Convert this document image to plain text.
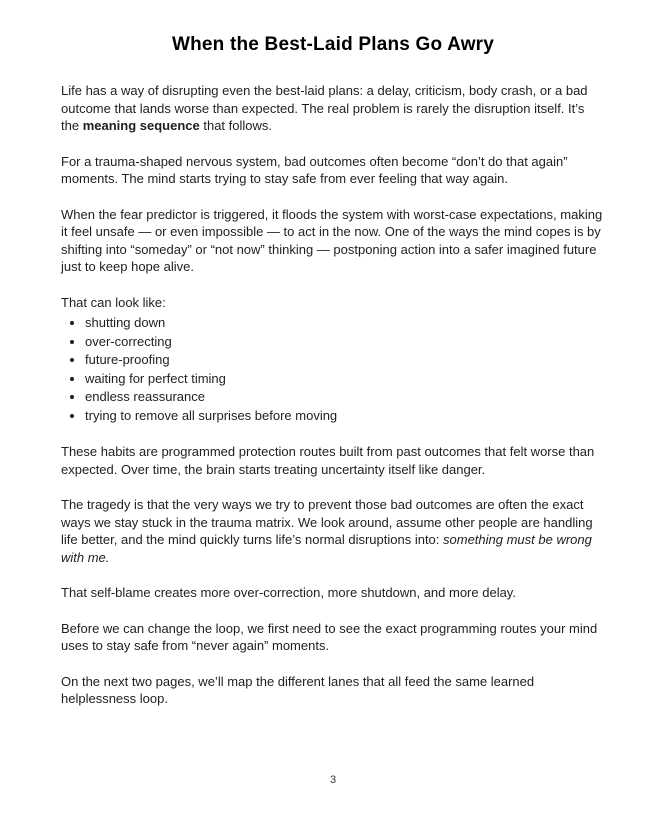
When the Best-Laid Plans Go Awry

Life has a way of disrupting even the best-laid plans: a delay, criticism, body crash, or a bad outcome that lands worse than expected. The real problem is rarely the disruption itself. It’s the meaning sequence that follows.

For a trauma-shaped nervous system, bad outcomes often become “don’t do that again” moments. The mind starts trying to stay safe from ever feeling that way again.

When the fear predictor is triggered, it floods the system with worst-case expectations, making it feel unsafe — or even impossible — to act in the now. One of the ways the mind copes is by shifting into “someday” or “not now” thinking — postponing action into a safer imagined future just to keep hope alive.

That can look like:

• shutting down
• over-correcting
• future-proofing
• waiting for perfect timing
• endless reassurance
• trying to remove all surprises before moving

These habits are programmed protection routes built from past outcomes that felt worse than expected. Over time, the brain starts treating uncertainty itself like danger.

The tragedy is that the very ways we try to prevent those bad outcomes are often the exact ways we stay stuck in the trauma matrix. We look around, assume other people are handling life better, and the mind quickly turns life’s normal disruptions into: something must be wrong with me.

That self-blame creates more over-correction, more shutdown, and more delay.

Before we can change the loop, we first need to see the exact programming routes your mind uses to stay safe from “never again” moments.

On the next two pages, we’ll map the different lanes that all feed the same learned helplessness loop.

3
